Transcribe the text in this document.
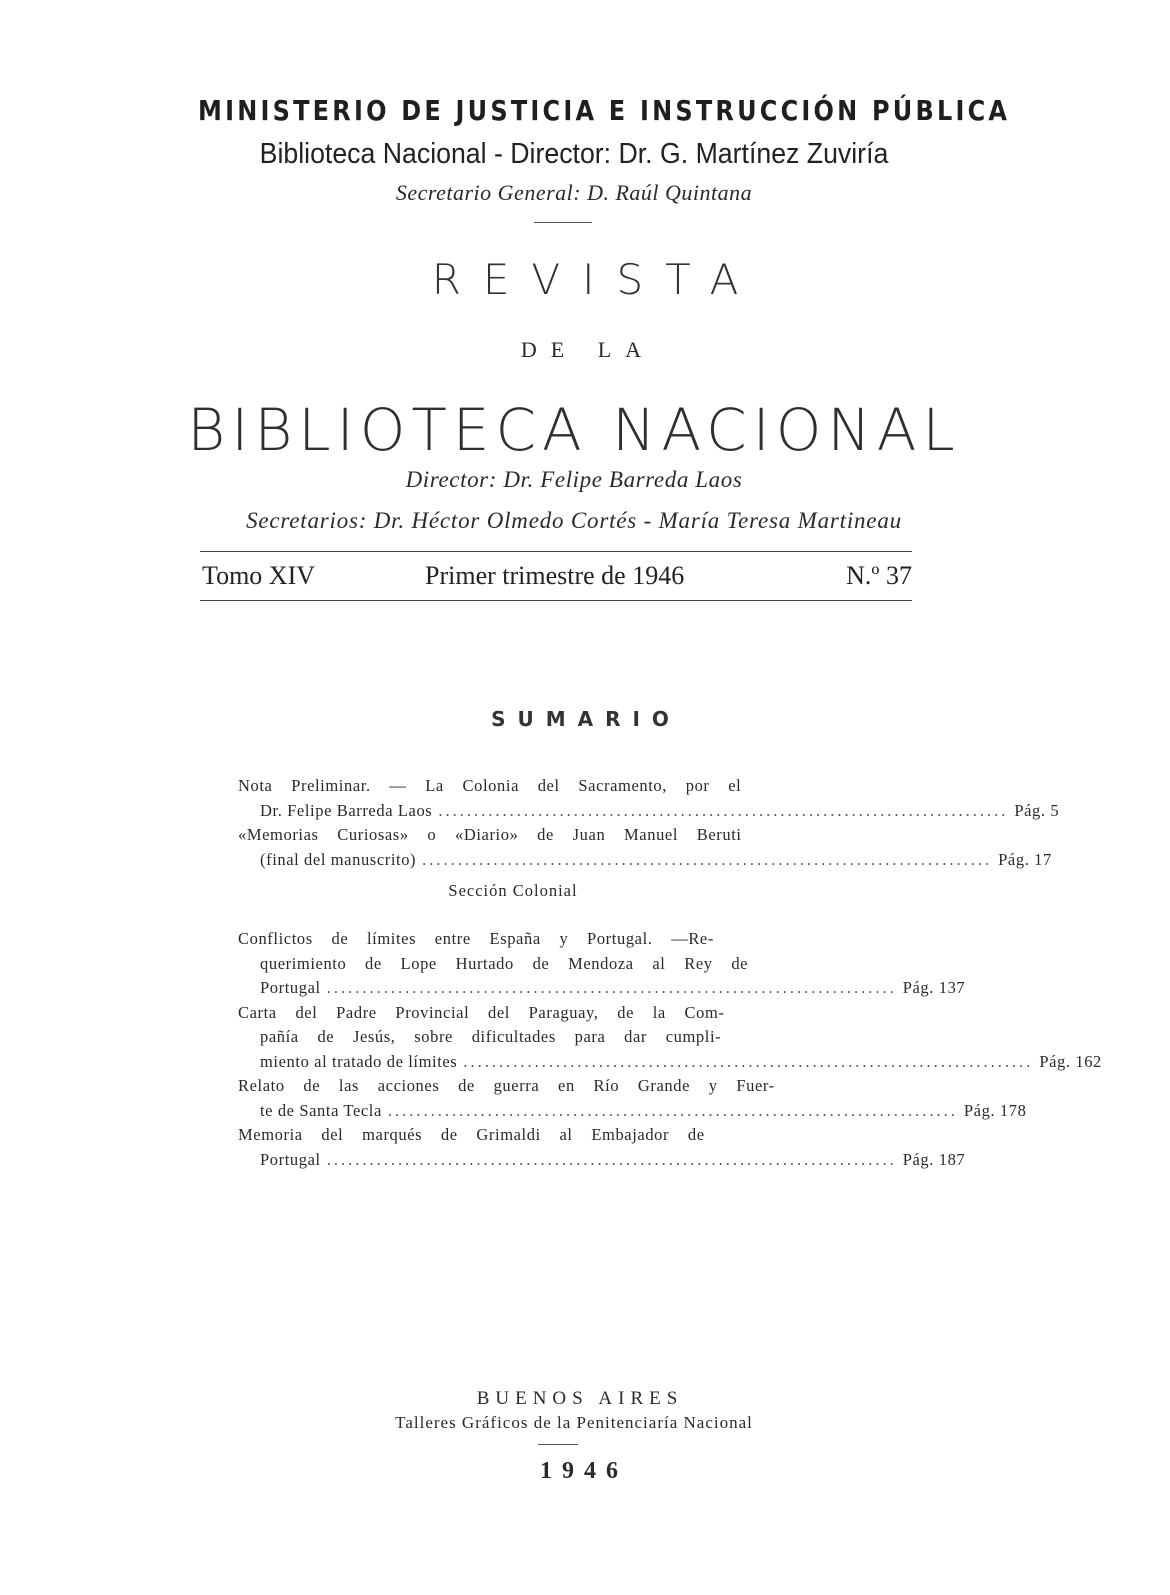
MINISTERIO DE JUSTICIA E INSTRUCCIÓN PÚBLICA
Biblioteca Nacional - Director: Dr. G. Martínez Zuviría
Secretario General: D. Raúl Quintana
REVISTA
DE LA
BIBLIOTECA NACIONAL
Director: Dr. Felipe Barreda Laos
Secretarios: Dr. Héctor Olmedo Cortés - María Teresa Martineau
Tomo XIV	Primer trimestre de 1946	N.º 37
SUMARIO
Nota Preliminar. — La Colonia del Sacramento, por el
Dr. Felipe Barreda Laos ................................................................................ Pág. 5
«Memorias Curiosas» o «Diario» de Juan Manuel Beruti
(final del manuscrito) ................................................................................ Pág. 17
Sección Colonial
Conflictos de límites entre España y Portugal. —Re-
querimiento de Lope Hurtado de Mendoza al Rey de
Portugal ................................................................................ Pág. 137
Carta del Padre Provincial del Paraguay, de la Com-
pañía de Jesús, sobre dificultades para dar cumpli-
miento al tratado de límites ................................................................................ Pág. 162
Relato de las acciones de guerra en Río Grande y Fuer-
te de Santa Tecla ................................................................................ Pág. 178
Memoria del marqués de Grimaldi al Embajador de
Portugal ................................................................................ Pág. 187
BUENOS AIRES
Talleres Gráficos de la Penitenciaría Nacional
1946
